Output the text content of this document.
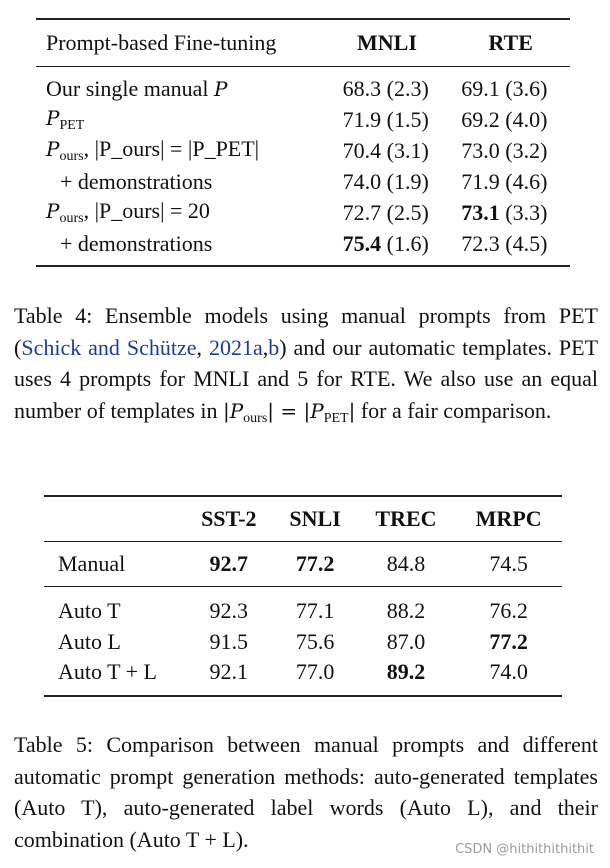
Prompt-based Fine-tuning	MNLI	RTE
Our single manual P	68.3 (2.3)	69.1 (3.6)
$P_{PET}$	71.9 (1.5)	69.2 (4.0)
$P_{ours}$, |P_ours| = |P_PET|	70.4 (3.1)	73.0 (3.2)
+ demonstrations	74.0 (1.9)	71.9 (4.6)
$P_{ours}$, |P_ours| = 20	72.7 (2.5)	73.1 (3.3)
+ demonstrations	75.4 (1.6)	72.3 (4.5)
Table 4: Ensemble models using manual prompts from PET (Schick and Schütze, 2021a,b) and our automatic templates. PET uses 4 prompts for MNLI and 5 for RTE. We also use an equal number of templates in $|P_{ours}| = |P_{PET}|$ for a fair comparison.
	SST-2	SNLI	TREC	MRPC
Manual	92.7	77.2	84.8	74.5
Auto T	92.3	77.1	88.2	76.2
Auto L	91.5	75.6	87.0	77.2
Auto T + L	92.1	77.0	89.2	74.0
Table 5: Comparison between manual prompts and different automatic prompt generation methods: auto-generated templates (Auto T), auto-generated label words (Auto L), and their combination (Auto T + L).	CSDN @hithithithithit
